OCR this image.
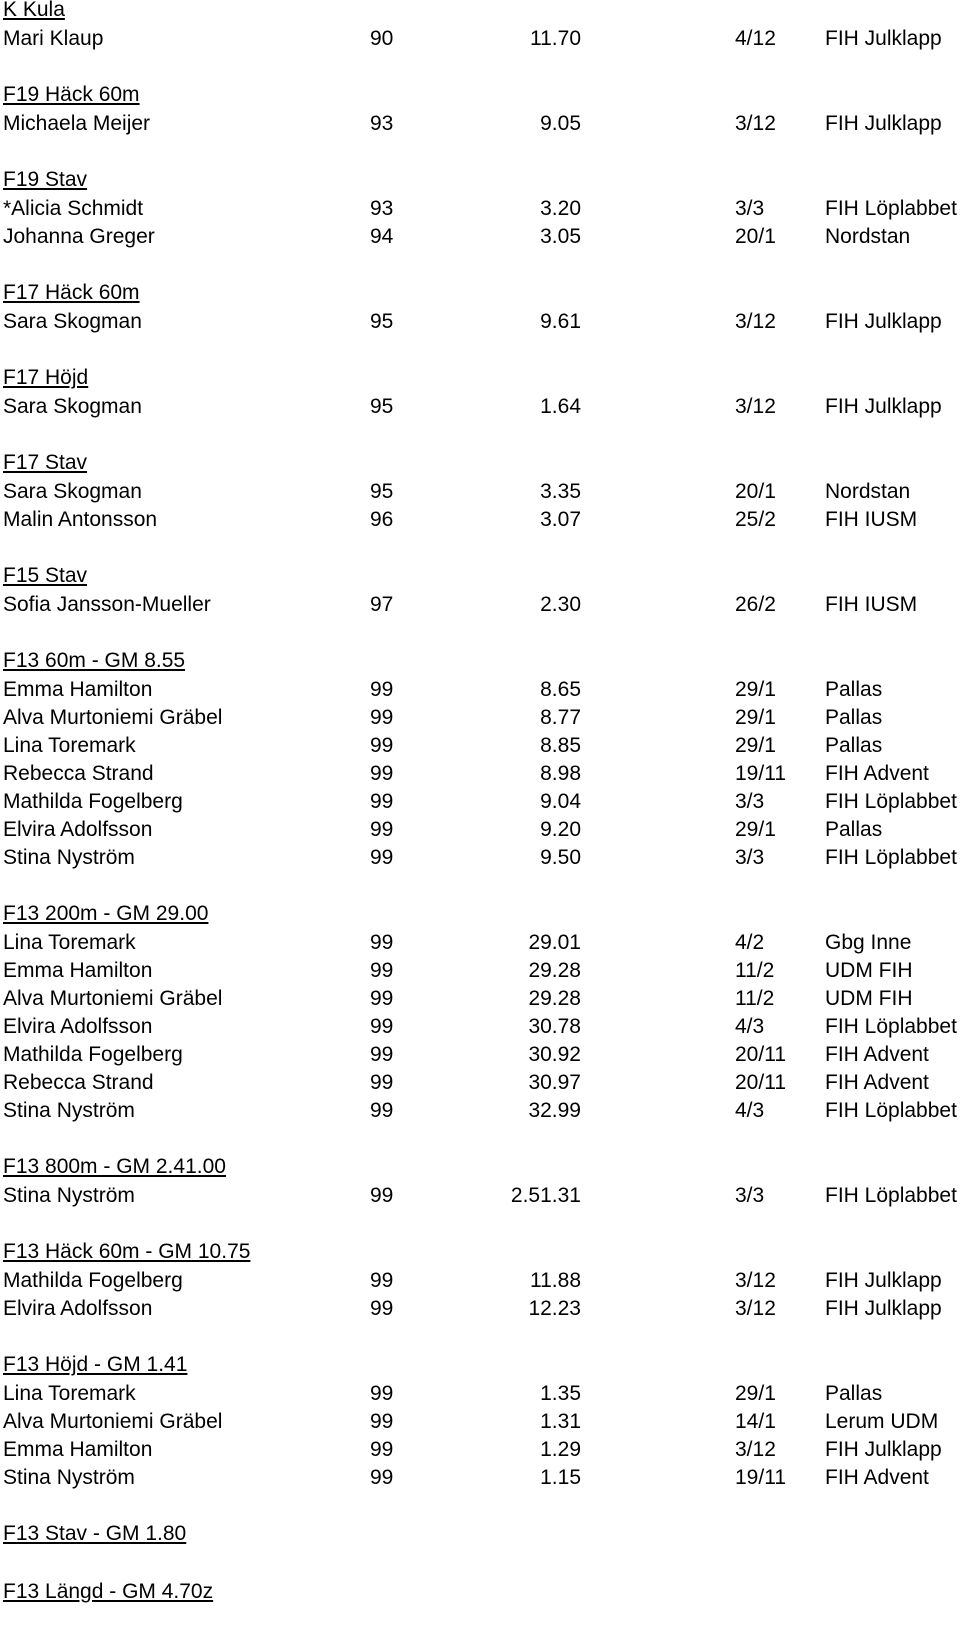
K Kula
Mari Klaup	90	11.70	4/12 FIH Julklapp
F19 Häck 60m
Michaela Meijer	93	9.05	3/12 FIH Julklapp
F19 Stav
*Alicia Schmidt	93	3.20	3/3	FIH Löplabbet
Johanna Greger	94	3.05	20/1 Nordstan
F17 Häck 60m
Sara Skogman	95	9.61	3/12 FIH Julklapp
F17 Höjd
Sara Skogman	95	1.64	3/12 FIH Julklapp
F17 Stav
Sara Skogman	95	3.35	20/1 Nordstan
Malin Antonsson	96	3.07	25/2 FIH IUSM
F15 Stav
Sofia Jansson-Mueller	97	2.30	26/2 FIH IUSM
F13 60m - GM 8.55
Emma Hamilton	99	8.65	29/1 Pallas
Alva Murtoniemi Gräbel	99	8.77	29/1 Pallas
Lina Toremark	99	8.85	29/1 Pallas
Rebecca Strand	99	8.98	19/11 FIH Advent
Mathilda Fogelberg	99	9.04	3/3	FIH Löplabbet
Elvira Adolfsson	99	9.20	29/1 Pallas
Stina Nyström	99	9.50	3/3	FIH Löplabbet
F13 200m - GM 29.00
Lina Toremark	99	29.01	4/2	Gbg Inne
Emma Hamilton	99	29.28	11/2 UDM FIH
Alva Murtoniemi Gräbel	99	29.28	11/2 UDM FIH
Elvira Adolfsson	99	30.78	4/3	FIH Löplabbet
Mathilda Fogelberg	99	30.92	20/11 FIH Advent
Rebecca Strand	99	30.97	20/11 FIH Advent
Stina Nyström	99	32.99	4/3	FIH Löplabbet
F13 800m - GM 2.41.00
Stina Nyström	99	2.51.31	3/3	FIH Löplabbet
F13 Häck 60m - GM 10.75
Mathilda Fogelberg	99	11.88	3/12 FIH Julklapp
Elvira Adolfsson	99	12.23	3/12 FIH Julklapp
F13 Höjd - GM 1.41
Lina Toremark	99	1.35	29/1 Pallas
Alva Murtoniemi Gräbel	99	1.31	14/1 Lerum UDM
Emma Hamilton	99	1.29	3/12 FIH Julklapp
Stina Nyström	99	1.15	19/11 FIH Advent
F13 Stav - GM 1.80
F13 Längd - GM 4.70z
